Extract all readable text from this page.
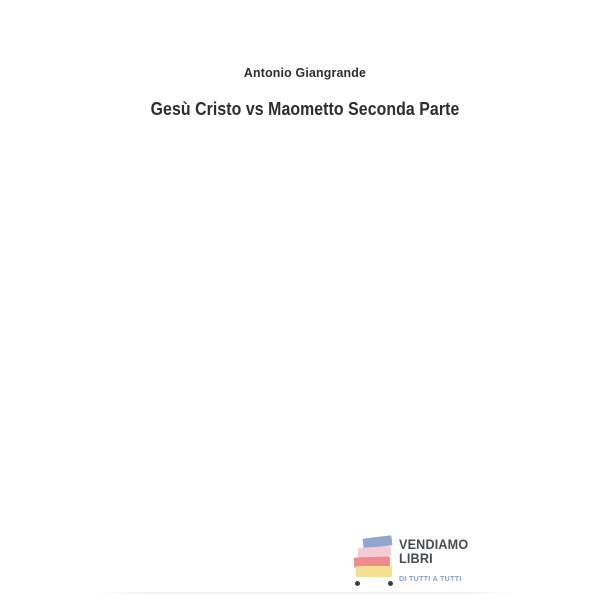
Antonio Giangrande
Gesù Cristo vs Maometto Seconda Parte
VENDIAMO
LIBRI
DI TUTTI A TUTTI
